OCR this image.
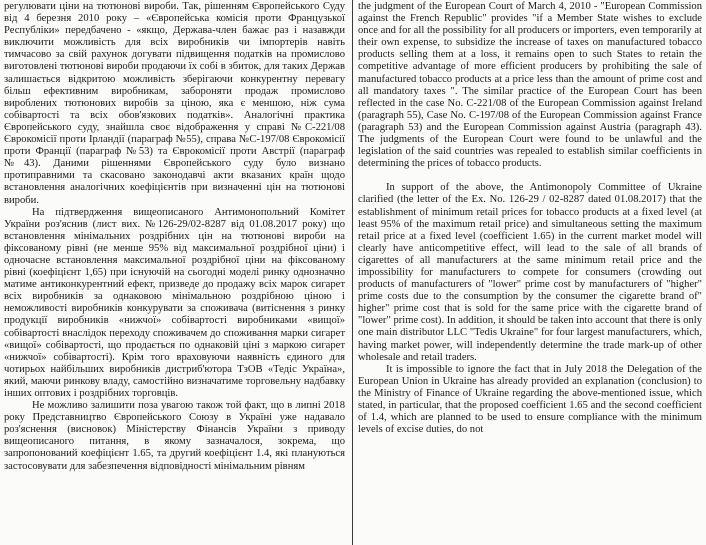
регулювати ціни на тютюнові вироби. Так, рішенням Європейського Суду від 4 березня 2010 року – «Європейська комісія проти Французької Республіки» передбачено - «якщо, Держава-член бажає раз і назавжди виключити можливість для всіх виробників чи імпортерів навіть тимчасово за свій рахунок догувати підвищення податків на промислово виготовлені тютюнові вироби продаючи їх собі в збиток, для таких Держав залишається відкритою можливість зберігаючи конкурентну перевагу більш ефективним виробникам, забороняти продаж промислово вироблених тютюнових виробів за ціною, яка є меншою, ніж сума собівартості та всіх обов'язкових податків». Аналогічні практика Європейського суду, знайшла своє відображення у справі №С-221/08 Єврокомісії проти Ірландії (параграф №55), справа №С-197/08 Єврокомісії проти Франції (параграф №53) та Єврокомісії проти Австрії (параграф №43). Даними рішеннями Європейського суду було визнано протиправними та скасовано законодавчі акти вказаних країн щодо встановлення аналогічних коефіцієнтів при визначенні цін на тютюнові вироби.

На підтвердження вищеописаного Антимонопольний Комітет України роз'яснив (лист вих. №126-29/02-8287 від 01.08.2017 року) що встановлення мінімальних роздрібних цін на тютюнові вироби на фіксованому рівні (не менше 95% від максимальної роздрібної ціни) і одночасне встановлення максимальної роздрібної ціни на фіксованому рівні (коефіцієнт 1,65) при існуючій на сьогодні моделі ринку однозначно матиме антиконкурентний ефект, призведе до продажу всіх марок сигарет всіх виробників за однаковою мінімальною роздрібною ціною і неможливості виробників конкурувати за споживача (витіснення з ринку продукції виробників «нижчої» собівартості виробниками «вищої» собівартості внаслідок переходу споживачем до споживання марки сигарет «вищої» собівартості, що продається по однаковій ціні з маркою сигарет «нижчої» собівартості). Крім того враховуючи наявність єдиного для чотирьох найбільших виробників дистриб'ютора ТзОВ «Тедіс Україна», який, маючи ринкову владу, самостійно визначатиме торговельну надбавку інших оптових і роздрібних торговців.

Не можливо залишити поза увагою також той факт, що в липні 2018 року Представництво Європейського Союзу в Україні уже надавало роз'яснення (висновок) Міністерству Фінансів України з приводу вищеописаного питання, в якому зазначалося, зокрема, що запропонований коефіцієнт 1.65, та другий коефіцієнт 1.4, які плануються застосовувати для забезпечення відповідності мінімальним рівням

the judgment of the European Court of March 4, 2010 - "European Commission against the French Republic" provides "if a Member State wishes to exclude once and for all the possibility for all producers or importers, even temporarily at their own expense, to subsidize the increase of taxes on manufactured tobacco products selling them at a loss, it remains open to such States to retain the competitive advantage of more efficient producers by prohibiting the sale of manufactured tobacco products at a price less than the amount of prime cost and all mandatory taxes ". The similar practice of the European Court has been reflected in the case No. C-221/08 of the European Commission against Ireland (paragraph 55), Case No. C-197/08 of the European Commission against France (paragraph 53) and the European Commission against Austria (paragraph 43). The judgments of the European Court were found to be unlawful and the legislation of the said countries was repealed to establish similar coefficients in determining the prices of tobacco products.

In support of the above, the Antimonopoly Committee of Ukraine clarified (the letter of the Ex. No. 126-29 / 02-8287 dated 01.08.2017) that the establishment of minimum retail prices for tobacco products at a fixed level (at least 95% of the maximum retail price) and simultaneous setting the maximum retail price at a fixed level (coefficient 1.65) in the current market model will clearly have anticompetitive effect, will lead to the sale of all brands of cigarettes of all manufacturers at the same minimum retail price and the impossibility for manufacturers to compete for consumers (crowding out products of manufacturers of "lower" prime cost by manufacturers of "higher" prime costs due to the consumption by the consumer the cigarette brand of" higher" prime cost that is sold for the same price with the cigarette brand of "lower" prime cost). In addition, it should be taken into account that there is only one main distributor LLC "Tedis Ukraine" for four largest manufacturers, which, having market power, will independently determine the trade mark-up of other wholesale and retail traders.

It is impossible to ignore the fact that in July 2018 the Delegation of the European Union in Ukraine has already provided an explanation (conclusion) to the Ministry of Finance of Ukraine regarding the above-mentioned issue, which stated, in particular, that the proposed coefficient 1.65 and the second coefficient of 1.4, which are planned to be used to ensure compliance with the minimum levels of excise duties, do not
